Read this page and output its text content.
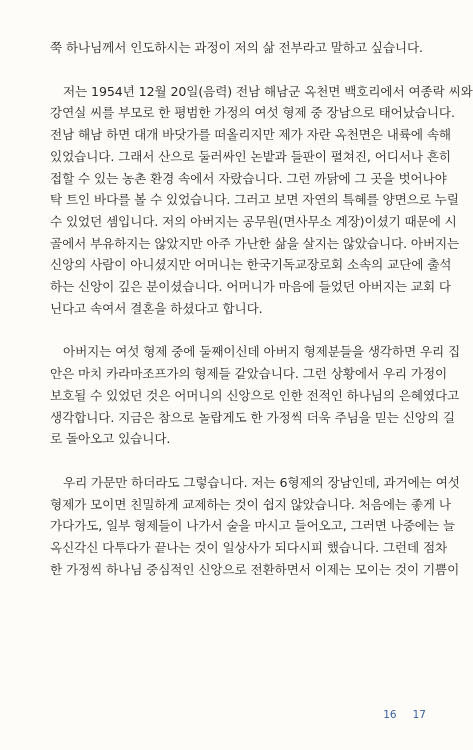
쭉 하나님께서 인도하시는 과정이 저의 삶 전부라고 말하고 싶습니다.

저는 1954년 12월 20일(음력) 전남 해남군 옥천면 백호리에서 여종락 씨와
강연실 씨를 부모로 한 평범한 가정의 여섯 형제 중 장남으로 태어났습니다.
전남 해남 하면 대개 바닷가를 떠올리지만 제가 자란 옥천면은 내륙에 속해
있었습니다. 그래서 산으로 둘러싸인 논밭과 들판이 펼쳐진, 어디서나 흔히
접할 수 있는 농촌 환경 속에서 자랐습니다. 그런 까닭에 그 곳을 벗어나야
탁 트인 바다를 볼 수 있었습니다. 그러고 보면 자연의 특혜를 양면으로 누릴
수 있었던 셈입니다. 저의 아버지는 공무원(면사무소 계장)이셨기 때문에 시
골에서 부유하지는 않았지만 아주 가난한 삶을 살지는 않았습니다. 아버지는
신앙의 사람이 아니셨지만 어머니는 한국기독교장로회 소속의 교단에 출석
하는 신앙이 깊은 분이셨습니다. 어머니가 마음에 들었던 아버지는 교회 다
닌다고 속여서 결혼을 하셨다고 합니다.

아버지는 여섯 형제 중에 둘째이신데 아버지 형제분들을 생각하면 우리 집
안은 마치 카라마조프가의 형제들 같았습니다. 그런 상황에서 우리 가정이
보호될 수 있었던 것은 어머니의 신앙으로 인한 전적인 하나님의 은혜였다고
생각합니다. 지금은 참으로 놀랍게도 한 가정씩 더욱 주님을 믿는 신앙의 길
로 돌아오고 있습니다.

우리 가문만 하더라도 그렇습니다. 저는 6형제의 장남인데, 과거에는 여섯
형제가 모이면 친밀하게 교제하는 것이 쉽지 않았습니다. 처음에는 좋게 나
가다가도, 일부 형제들이 나가서 술을 마시고 들어오고, 그러면 나중에는 늘
옥신각신 다투다가 끝나는 것이 일상사가 되다시피 했습니다. 그런데 점차
한 가정씩 하나님 중심적인 신앙으로 전환하면서 이제는 모이는 것이 기쁨이

16 17
